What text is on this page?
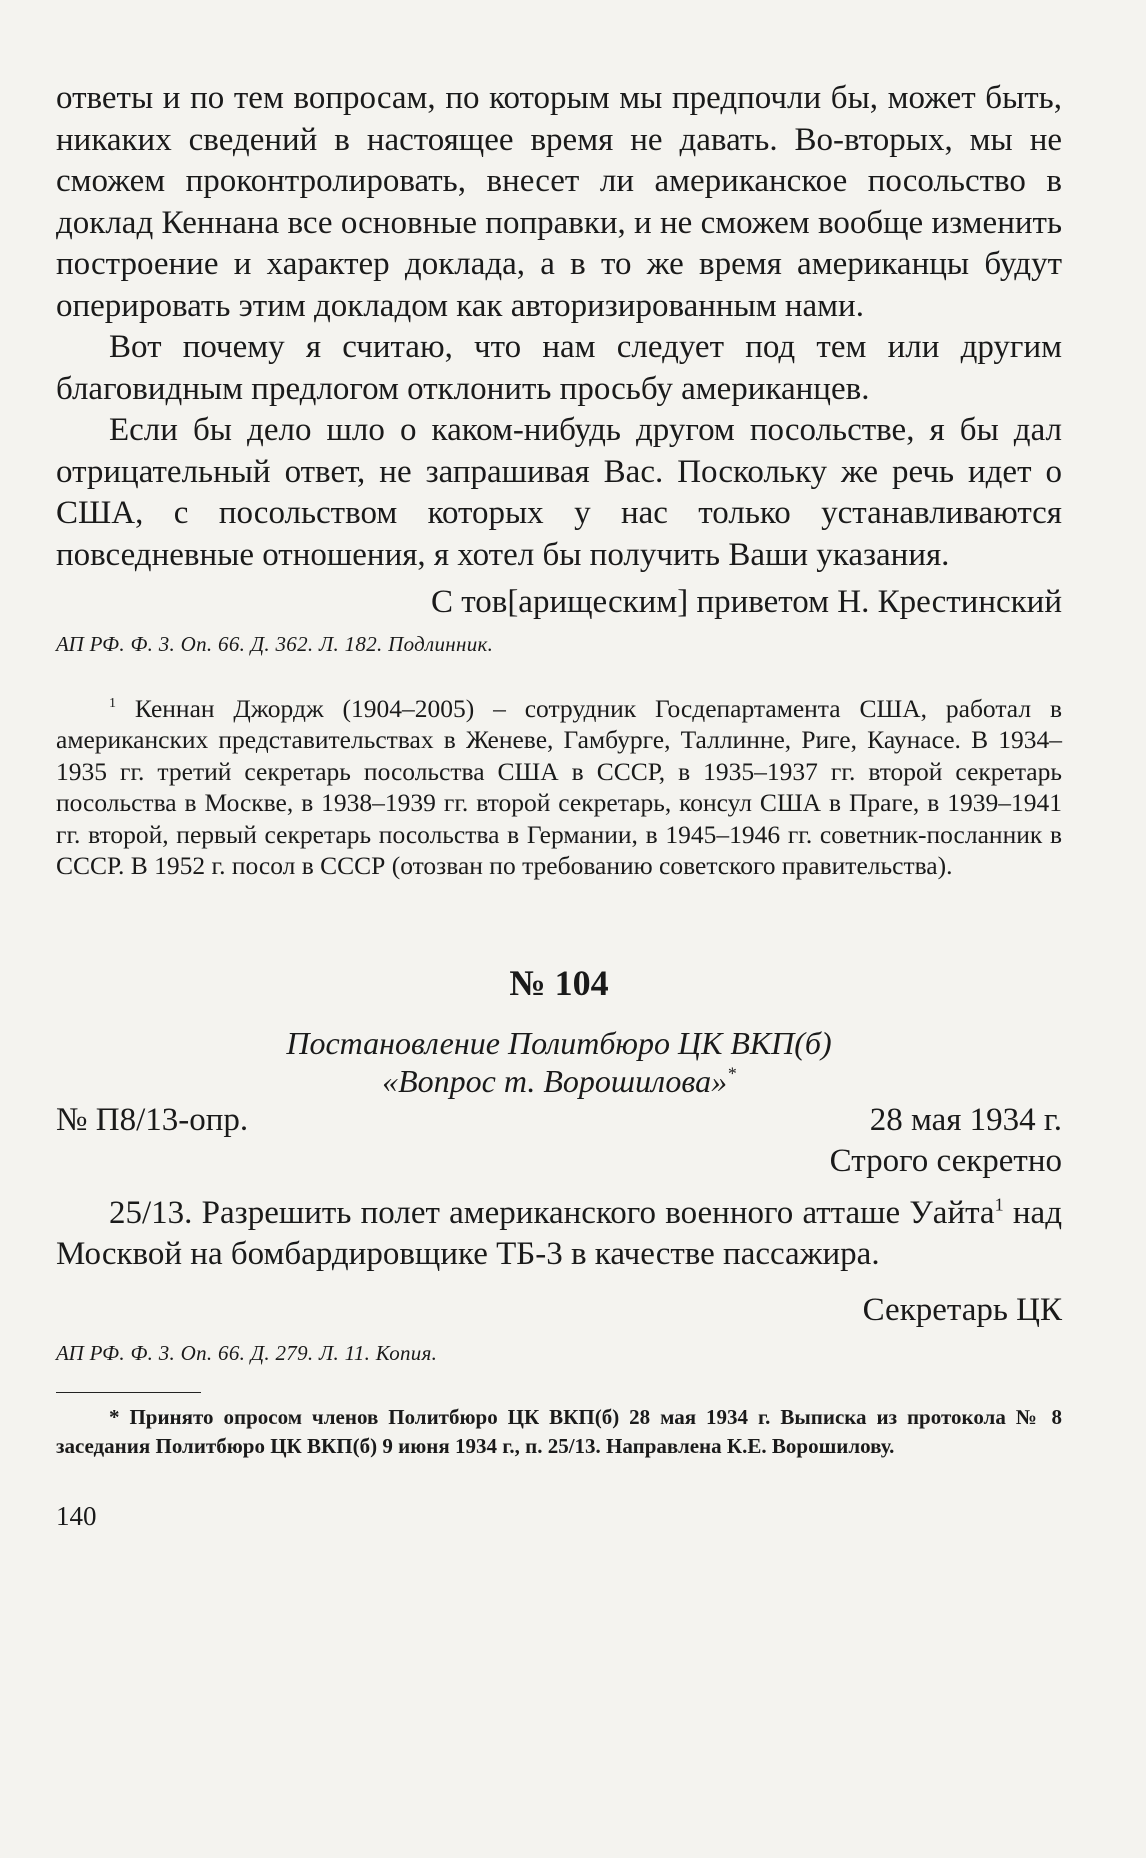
ответы и по тем вопросам, по которым мы предпочли бы, может быть, никаких сведений в настоящее время не давать. Во-вторых, мы не сможем проконтролировать, внесет ли американское посольство в доклад Кеннана все основные поправки, и не сможем вообще изменить построение и характер доклада, а в то же время американцы будут оперировать этим докладом как авторизированным нами.

Вот почему я считаю, что нам следует под тем или другим благовидным предлогом отклонить просьбу американцев.

Если бы дело шло о каком-нибудь другом посольстве, я бы дал отрицательный ответ, не запрашивая Вас. Поскольку же речь идет о США, с посольством которых у нас только устанавливаются повседневные отношения, я хотел бы получить Ваши указания.

С тов[арищеским] приветом Н. Крестинский

АП РФ. Ф. 3. Оп. 66. Д. 362. Л. 182. Подлинник.

$^1$ Кеннан Джордж (1904–2005) – сотрудник Госдепартамента США, работал в американских представительствах в Женеве, Гамбурге, Таллинне, Риге, Каунасе. В 1934–1935 гг. третий секретарь посольства США в СССР, в 1935–1937 гг. второй секретарь посольства в Москве, в 1938–1939 гг. второй секретарь, консул США в Праге, в 1939–1941 гг. второй, первый секретарь посольства в Германии, в 1945–1946 гг. советник-посланник в СССР. В 1952 г. посол в СССР (отозван по требованию советского правительства).

№ 104

Постановление Политбюро ЦК ВКП(б)

«Вопрос т. Ворошилова»*

№ П8/13-опр.	28 мая 1934 г.

Строго секретно

25/13. Разрешить полет американского военного атташе Уайта$^1$ над Москвой на бомбардировщике ТБ-3 в качестве пассажира.

Секретарь ЦК

АП РФ. Ф. 3. Оп. 66. Д. 279. Л. 11. Копия.

* Принято опросом членов Политбюро ЦК ВКП(б) 28 мая 1934 г. Выписка из протокола № 8 заседания Политбюро ЦК ВКП(б) 9 июня 1934 г., п. 25/13. Направлена К.Е. Ворошилову.

140
